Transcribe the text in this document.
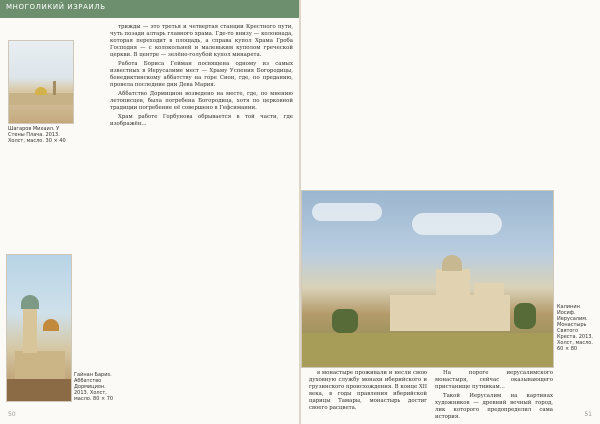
МНОГОЛИКИЙ ИЗРАИЛЬ
Шагаров Михаил. У Стены Плача. 2013. Холст, масло. 30 × 40
Гайнан Бариs. Аббатство Дормицион. 2013. Холст, масло. 80 × 70

трижды — это третья и четвертая станции Крестного пути, чуть позади алтарь главного храма. Где-то внизу — колоннада, которая переходит в площадь, а справа купол Храма Гроба Господня — с колокольней и маленьким куполом греческой церкви. В центре — зелёно-голубой купол минарета.

Работа Бориса Гейман посвящена одному из самых известных в Иерусалиме мест — Храму Успения Богородицы, бенедиктинскому аббатству на горе Сион, где, по преданию, провела последние дни Дева Мария.

Аббатство Дормицион возведено на месте, где, по мнению летописцев, была погребена Богородица, хотя по церковной традиции погребение её совершено в Гефсимании.

Храм работе Горбунова обрывается в той части, где изображён...

50
Калинин Иосиф. Иерусалим. Монастырь Святого Креста. 2013. Холст, масло. 60 × 80

в монастыре проживали и несли свою духовную службу монахи иберийского и грузинского происхождения. В конце XII века, в годы правления иберийской царицы Тамары, монастырь достиг своего расцвета.

На пороге иерусалимского монастыря, сейчас оказывающего пристанище путникам...

Такой Иерусалим на картинах художников — древний вечный город, лик которого предопределил сама история.	51
